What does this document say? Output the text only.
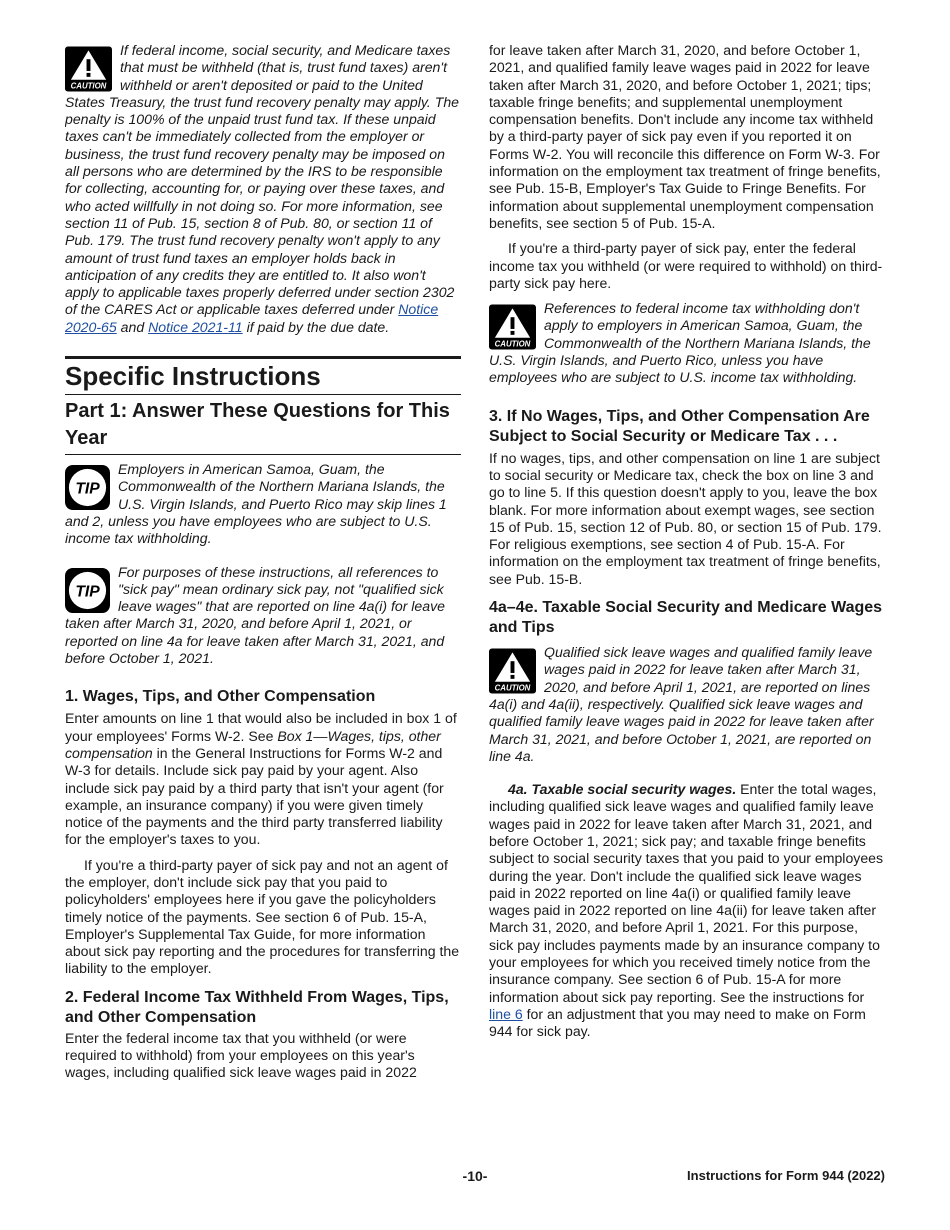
CAUTION
If federal income, social security, and Medicare taxes that must be withheld (that is, trust fund taxes) aren't withheld or aren't deposited or paid to the United States Treasury, the trust fund recovery penalty may apply. The penalty is 100% of the unpaid trust fund tax. If these unpaid taxes can't be immediately collected from the employer or business, the trust fund recovery penalty may be imposed on all persons who are determined by the IRS to be responsible for collecting, accounting for, or paying over these taxes, and who acted willfully in not doing so. For more information, see section 11 of Pub. 15, section 8 of Pub. 80, or section 11 of Pub. 179. The trust fund recovery penalty won't apply to any amount of trust fund taxes an employer holds back in anticipation of any credits they are entitled to. It also won't apply to applicable taxes properly deferred under section 2302 of the CARES Act or applicable taxes deferred under Notice 2020-65 and Notice 2021-11 if paid by the due date.
Specific Instructions
Part 1: Answer These Questions for This Year
TIP
Employers in American Samoa, Guam, the Commonwealth of the Northern Mariana Islands, the U.S. Virgin Islands, and Puerto Rico may skip lines 1 and 2, unless you have employees who are subject to U.S. income tax withholding.
TIP
For purposes of these instructions, all references to "sick pay" mean ordinary sick pay, not "qualified sick leave wages" that are reported on line 4a(i) for leave taken after March 31, 2020, and before April 1, 2021, or reported on line 4a for leave taken after March 31, 2021, and before October 1, 2021.
1. Wages, Tips, and Other Compensation

Enter amounts on line 1 that would also be included in box 1 of your employees' Forms W-2. See Box 1—Wages, tips, other compensation in the General Instructions for Forms W-2 and W-3 for details. Include sick pay paid by your agent. Also include sick pay paid by a third party that isn't your agent (for example, an insurance company) if you were given timely notice of the payments and the third party transferred liability for the employer's taxes to you.

If you're a third-party payer of sick pay and not an agent of the employer, don't include sick pay that you paid to policyholders' employees here if you gave the policyholders timely notice of the payments. See section 6 of Pub. 15-A, Employer's Supplemental Tax Guide, for more information about sick pay reporting and the procedures for transferring the liability to the employer.

2. Federal Income Tax Withheld From Wages, Tips, and Other Compensation

Enter the federal income tax that you withheld (or were required to withhold) from your employees on this year's wages, including qualified sick leave wages paid in 2022

for leave taken after March 31, 2020, and before October 1, 2021, and qualified family leave wages paid in 2022 for leave taken after March 31, 2020, and before October 1, 2021; tips; taxable fringe benefits; and supplemental unemployment compensation benefits. Don't include any income tax withheld by a third-party payer of sick pay even if you reported it on Forms W-2. You will reconcile this difference on Form W-3. For information on the employment tax treatment of fringe benefits, see Pub. 15-B, Employer's Tax Guide to Fringe Benefits. For information about supplemental unemployment compensation benefits, see section 5 of Pub. 15-A.

If you're a third-party payer of sick pay, enter the federal income tax you withheld (or were required to withhold) on third-party sick pay here.

CAUTION
References to federal income tax withholding don't apply to employers in American Samoa, Guam, the Commonwealth of the Northern Mariana Islands, the U.S. Virgin Islands, and Puerto Rico, unless you have employees who are subject to U.S. income tax withholding.
3. If No Wages, Tips, and Other Compensation Are Subject to Social Security or Medicare Tax . . .

If no wages, tips, and other compensation on line 1 are subject to social security or Medicare tax, check the box on line 3 and go to line 5. If this question doesn't apply to you, leave the box blank. For more information about exempt wages, see section 15 of Pub. 15, section 12 of Pub. 80, or section 15 of Pub. 179. For religious exemptions, see section 4 of Pub. 15-A. For information on the employment tax treatment of fringe benefits, see Pub. 15-B.

4a–4e. Taxable Social Security and Medicare Wages and Tips
CAUTION
Qualified sick leave wages and qualified family leave wages paid in 2022 for leave taken after March 31, 2020, and before April 1, 2021, are reported on lines 4a(i) and 4a(ii), respectively. Qualified sick leave wages and qualified family leave wages paid in 2022 for leave taken after March 31, 2021, and before October 1, 2021, are reported on line 4a.

4a. Taxable social security wages. Enter the total wages, including qualified sick leave wages and qualified family leave wages paid in 2022 for leave taken after March 31, 2021, and before October 1, 2021; sick pay; and taxable fringe benefits subject to social security taxes that you paid to your employees during the year. Don't include the qualified sick leave wages paid in 2022 reported on line 4a(i) or qualified family leave wages paid in 2022 reported on line 4a(ii) for leave taken after March 31, 2020, and before April 1, 2021. For this purpose, sick pay includes payments made by an insurance company to your employees for which you received timely notice from the insurance company. See section 6 of Pub. 15-A for more information about sick pay reporting. See the instructions for line 6 for an adjustment that you may need to make on Form 944 for sick pay.

-10-	Instructions for Form 944 (2022)
